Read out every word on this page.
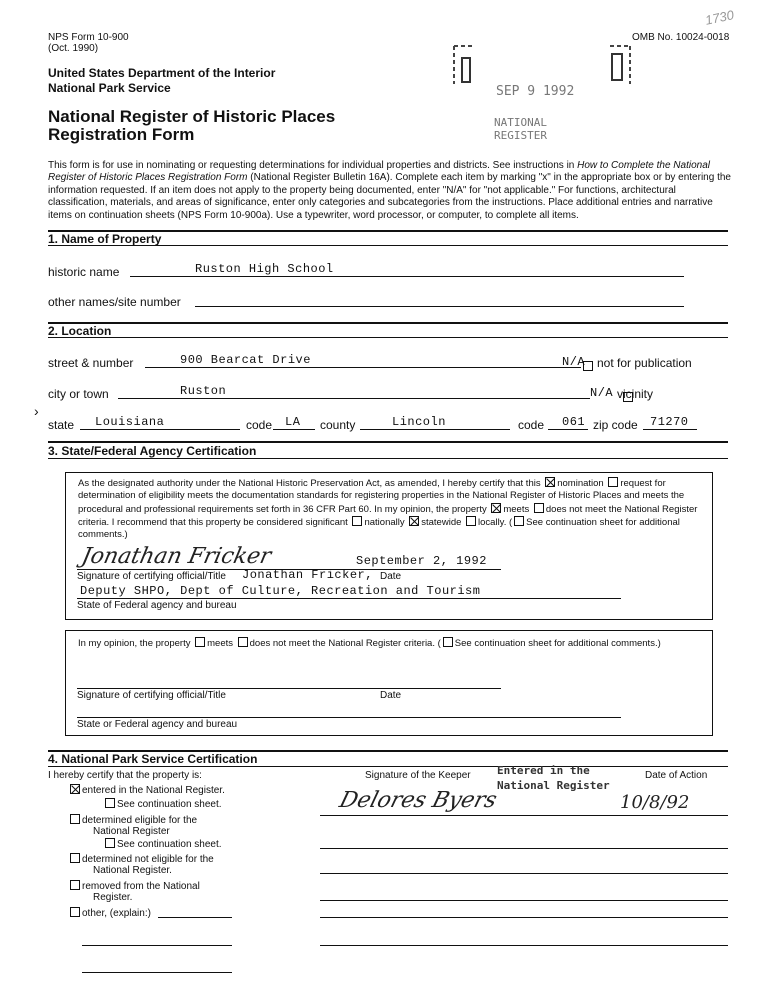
NPS Form 10-900
(Oct. 1990)
OMB No. 10024-0018
1730
United States Department of the Interior
National Park Service
National Register of Historic Places
Registration Form
SEP 9 1992
NATIONAL
REGISTER
This form is for use in nominating or requesting determinations for individual properties and districts. See instructions in How to Complete the National Register of Historic Places Registration Form (National Register Bulletin 16A). Complete each item by marking "x" in the appropriate box or by entering the information requested. If an item does not apply to the property being documented, enter "N/A" for "not applicable." For functions, architectural classification, materials, and areas of significance, enter only categories and subcategories from the instructions. Place additional entries and narrative items on continuation sheets (NPS Form 10-900a). Use a typewriter, word processor, or computer, to complete all items.
1. Name of Property
historic name	Ruston High School
other names/site number
2. Location
street & number	900 Bearcat Drive	N/A
not for publication
city or town	Ruston	N/A vicinity
›
state Louisiana	code LA county	Lincoln	code 061 zip code 71270
3. State/Federal Agency Certification
As the designated authority under the National Historic Preservation Act, as amended, I hereby certify that this nomination request for determination of eligibility meets the documentation standards for registering properties in the National Register of Historic Places and meets the procedural and professional requirements set forth in 36 CFR Part 60. In my opinion, the property meets does not meet the National Register criteria. I recommend that this property be considered significant nationally statewide locally. ( See continuation sheet for additional comments.)
Jonathan Fricker	September 2, 1992
Signature of certifying official/Title Jonathan Fricker, Date
Deputy SHPO, Dept of Culture, Recreation and Tourism
State of Federal agency and bureau
In my opinion, the property meets does not meet the National Register criteria. ( See continuation sheet for additional comments.)
Signature of certifying official/Title	Date
State or Federal agency and bureau
4. National Park Service Certification
I hereby certify that the property is:	Signature of the Keeper	Date of Action
Entered in the
National Register
Delores Byers	10/8/92
entered in the National Register.
See continuation sheet.
determined eligible for the
National Register
See continuation sheet.
determined not eligible for the
National Register.
removed from the National
Register.
other, (explain:)
